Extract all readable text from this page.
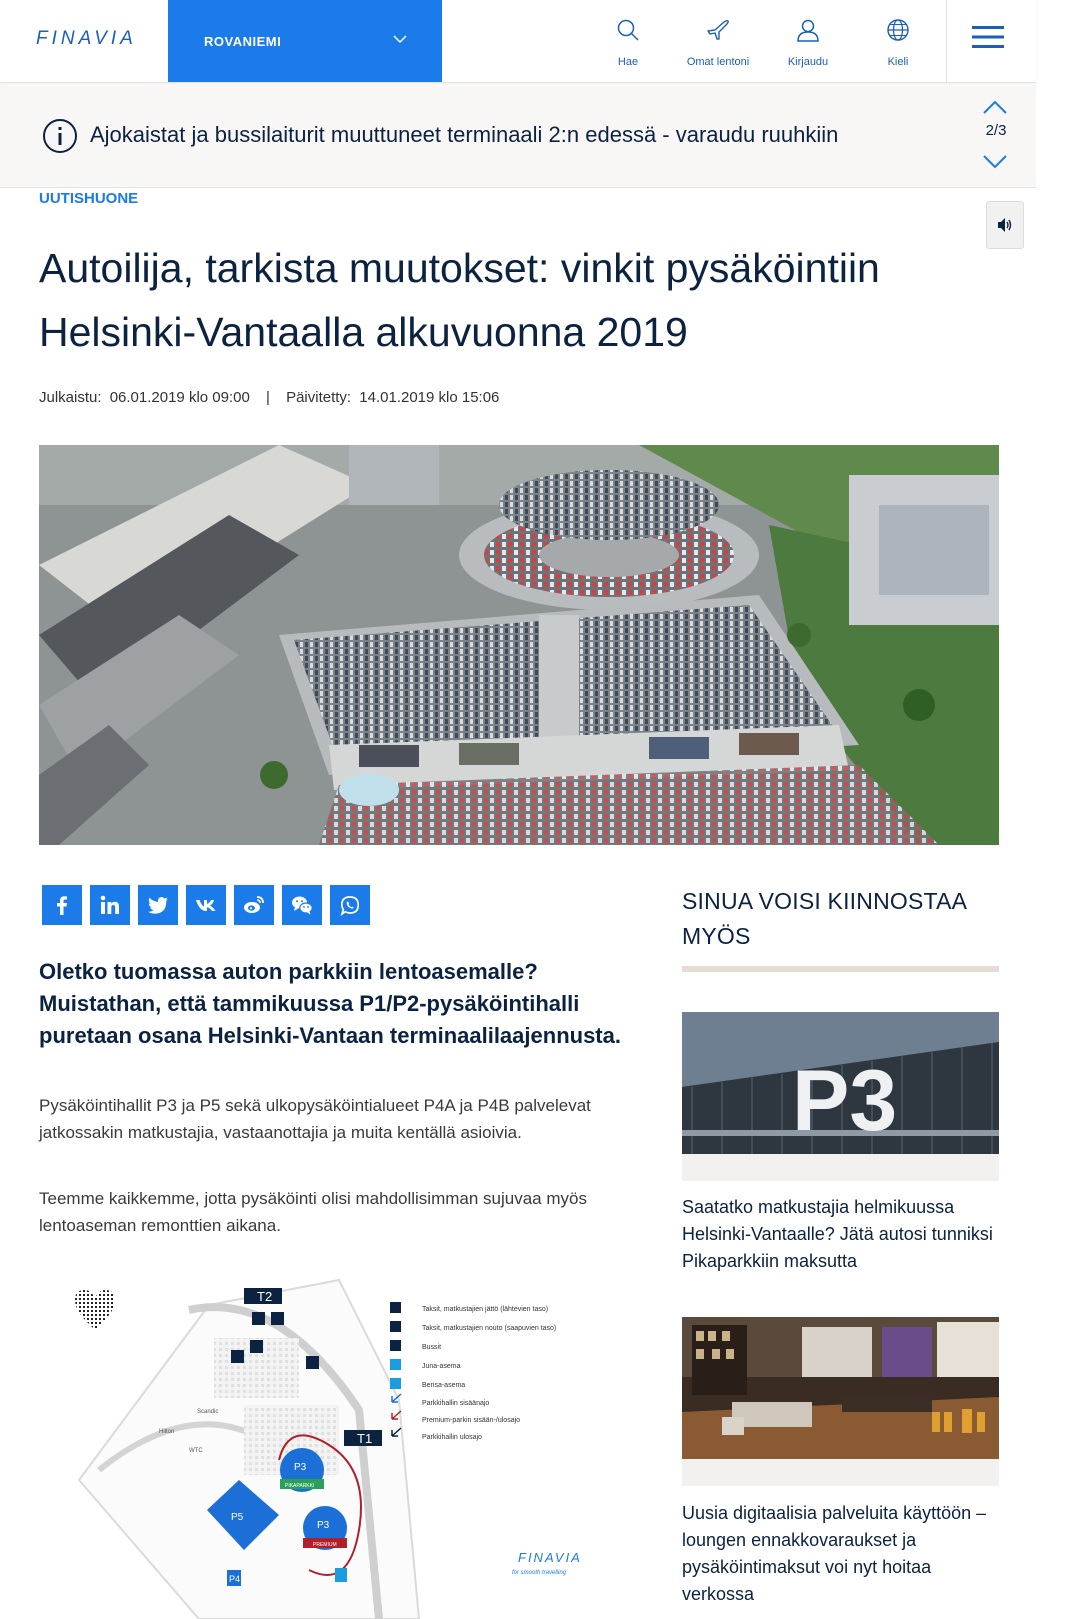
FINAVIA	ROVANIEMI
Hae	Omat lentoni	Kirjaudu	Kieli
Ajokaistat ja bussilaiturit muuttuneet terminaali 2:n edessä - varaudu ruuhkiin	2/3
UUTISHUONE
Autoilija, tarkista muutokset: vinkit pysäköintiin Helsinki-Vantaalla alkuvuonna 2019
Julkaistu: 06.01.2019 klo 09:00 | Päivitetty: 14.01.2019 klo 15:06
Oletko tuomassa auton parkkiin lentoasemalle? Muistathan, että tammikuussa P1/P2-pysäköintihalli puretaan osana Helsinki-Vantaan terminaalilaajennusta.
Pysäköintihallit P3 ja P5 sekä ulkopysäköintialueet P4A ja P4B palvelevat jatkossakin matkustajia, vastaanottajia ja muita kentällä asioivia.
Teemme kaikkemme, jotta pysäköinti olisi mahdollisimman sujuvaa myös lentoaseman remonttien aikana.
P5
P3
PIKAPARKKI
P3
PREMIUM
T2
T1
P4
Scandic
Hilton
WTC
Taksit, matkustajien jättö (lähtevien taso)
Taksit, matkustajien nouto (saapuvien taso)
Bussit
Juna-asema
Bensa-asema
Parkkihallin sisäänajo
Premium-parkin sisään-/ulosajo
Parkkihallin ulosajo
FINAVIA
for smooth travelling
SINUA VOISI KIINNOSTAA MYÖS
P3
Saatatko matkustajia helmikuussa Helsinki-Vantaalle? Jätä autosi tunniksi Pikaparkkiin maksutta
Uusia digitaalisia palveluita käyttöön – loungen ennakkovaraukset ja pysäköintimaksut voi nyt hoitaa verkossa
